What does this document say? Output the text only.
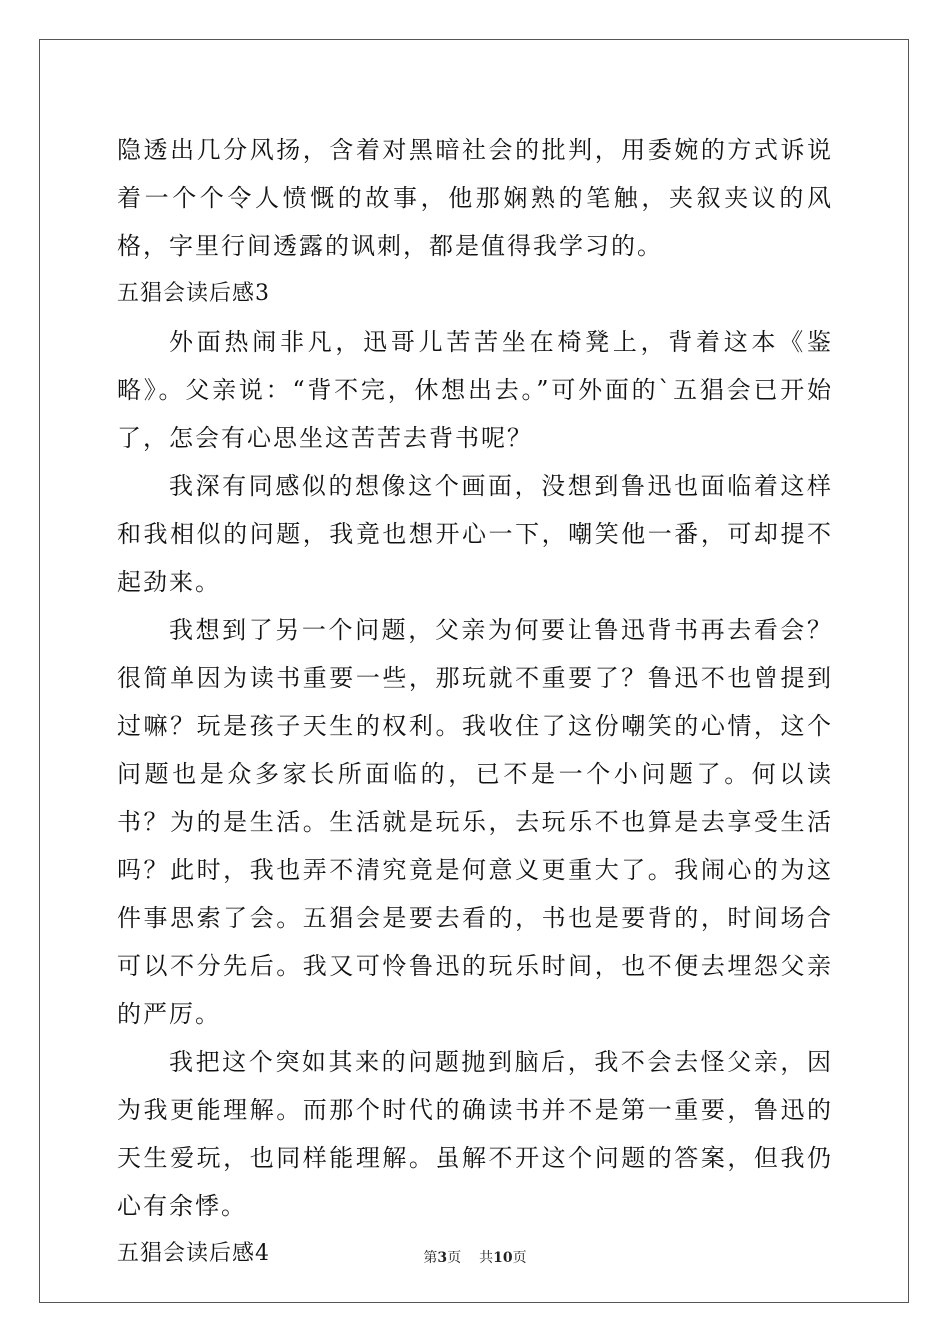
隐透出几分风扬，含着对黑暗社会的批判，用委婉的方式诉说着一个个令人愤慨的故事，他那娴熟的笔触，夹叙夹议的风格，字里行间透露的讽刺，都是值得我学习的。

五猖会读后感3

外面热闹非凡，迅哥儿苦苦坐在椅凳上，背着这本《鉴略》。父亲说：“背不完，休想出去。”可外面的`五猖会已开始了，怎会有心思坐这苦苦去背书呢？

我深有同感似的想像这个画面，没想到鲁迅也面临着这样和我相似的问题，我竟也想开心一下，嘲笑他一番，可却提不起劲来。

我想到了另一个问题，父亲为何要让鲁迅背书再去看会？很简单因为读书重要一些，那玩就不重要了？鲁迅不也曾提到过嘛？玩是孩子天生的权利。我收住了这份嘲笑的心情，这个问题也是众多家长所面临的，已不是一个小问题了。何以读书？为的是生活。生活就是玩乐，去玩乐不也算是去享受生活吗？此时，我也弄不清究竟是何意义更重大了。我闹心的为这件事思索了会。五猖会是要去看的，书也是要背的，时间场合可以不分先后。我又可怜鲁迅的玩乐时间，也不便去埋怨父亲的严厉。

我把这个突如其来的问题抛到脑后，我不会去怪父亲，因为我更能理解。而那个时代的确读书并不是第一重要，鲁迅的天生爱玩，也同样能理解。虽解不开这个问题的答案，但我仍心有余悸。

五猖会读后感4	第3页 共10页
